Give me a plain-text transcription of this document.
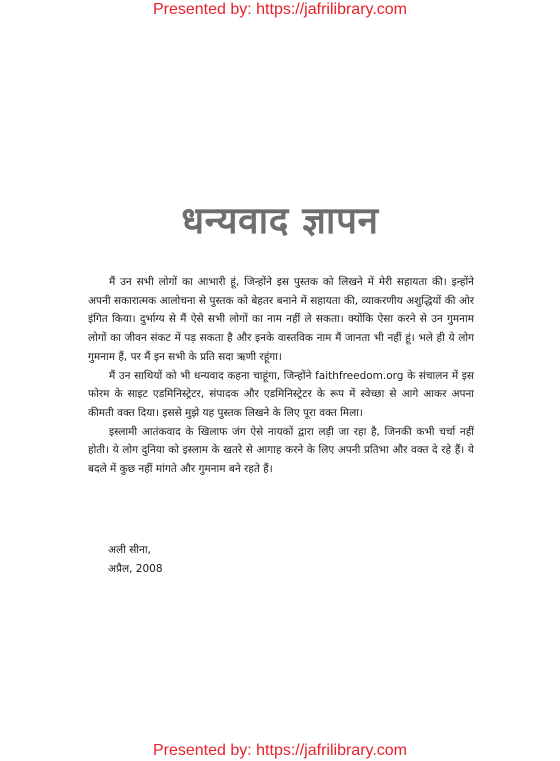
Presented by: https://jafrilibrary.com
धन्यवाद ज्ञापन

मैं उन सभी लोगों का आभारी हूं, जिन्होंने इस पुस्तक को लिखने में मेरी सहायता की। इन्होंने अपनी सकारात्मक आलोचना से पुस्तक को बेहतर बनाने में सहायता की, व्याकरणीय अशुद्धियों की ओर इंगित किया। दुर्भाग्य से मैं ऐसे सभी लोगों का नाम नहीं ले सकता। क्योंकि ऐसा करने से उन गुमनाम लोगों का जीवन संकट में पड़ सकता है और इनके वास्तविक नाम मैं जानता भी नहीं हूं। भले ही ये लोग गुमनाम हैं, पर मैं इन सभी के प्रति सदा ऋणी रहूंगा।

मैं उन साथियों को भी धन्यवाद कहना चाहूंगा, जिन्होंने faithfreedom.org के संचालन में इस फोरम के साइट एडमिनिस्ट्रेटर, संपादक और एडमिनिस्ट्रेटर के रूप में स्वेच्छा से आगे आकर अपना कीमती वक्त दिया। इससे मुझे यह पुस्तक लिखने के लिए पूरा वक्त मिला।

इस्लामी आतंकवाद के खिलाफ जंग ऐसे नायकों द्वारा लड़ी जा रहा है, जिनकी कभी चर्चा नहीं होती। ये लोग दुनिया को इस्लाम के खतरे से आगाह करने के लिए अपनी प्रतिभा और वक्त दे रहे हैं। ये बदले में कुछ नहीं मांगते और गुमनाम बने रहते हैं।

अली सीना,
अप्रैल, 2008
Presented by: https://jafrilibrary.com
